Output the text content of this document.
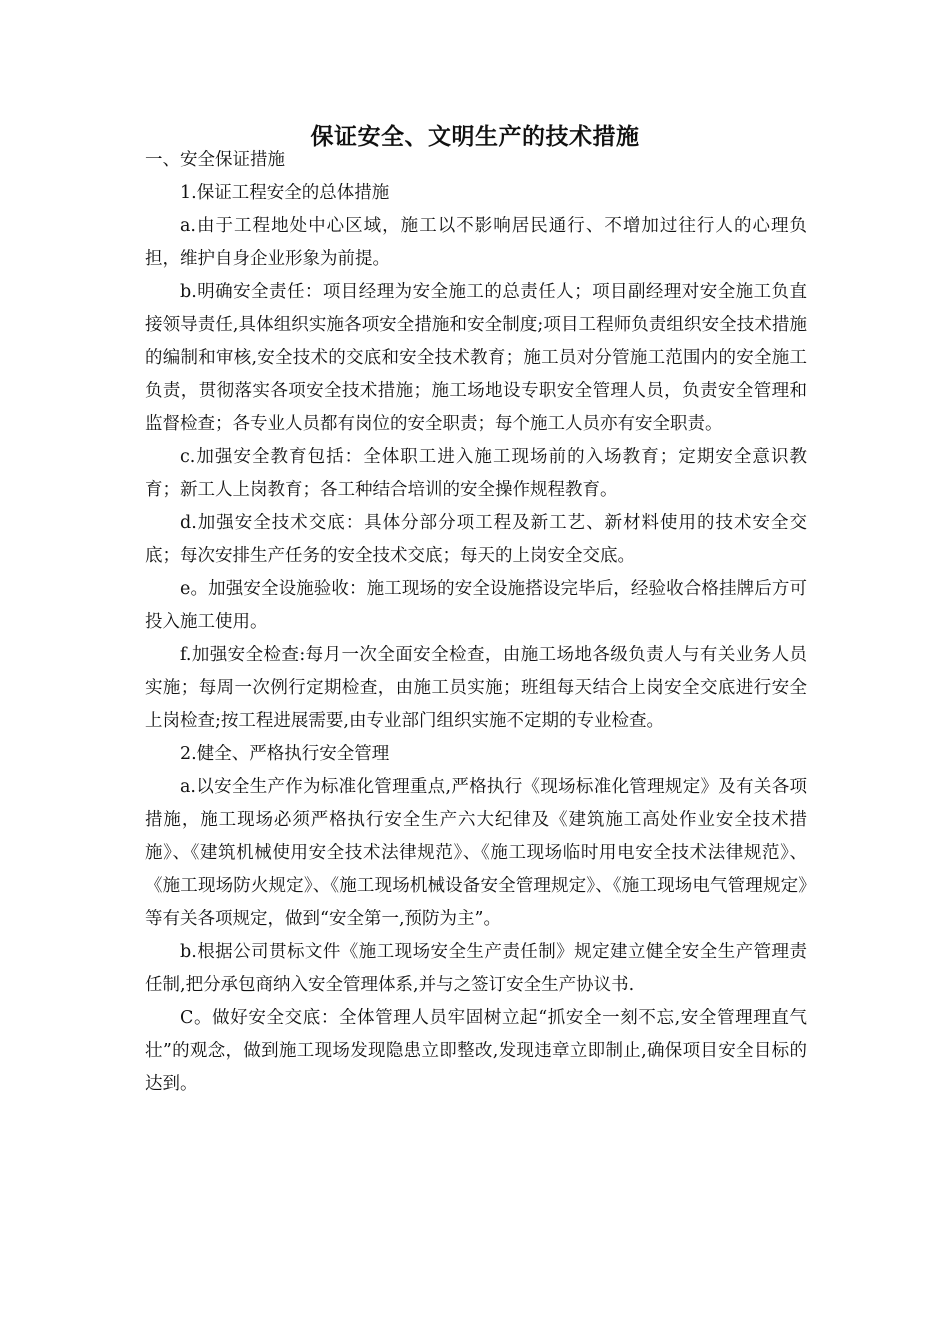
保证安全、文明生产的技术措施

一、安全保证措施

1.保证工程安全的总体措施

a.由于工程地处中心区域，施工以不影响居民通行、不增加过往行人的心理负担，维护自身企业形象为前提。

b.明确安全责任：项目经理为安全施工的总责任人；项目副经理对安全施工负直接领导责任,具体组织实施各项安全措施和安全制度;项目工程师负责组织安全技术措施的编制和审核,安全技术的交底和安全技术教育；施工员对分管施工范围内的安全施工负责，贯彻落实各项安全技术措施；施工场地设专职安全管理人员，负责安全管理和监督检查；各专业人员都有岗位的安全职责；每个施工人员亦有安全职责。

c.加强安全教育包括：全体职工进入施工现场前的入场教育；定期安全意识教育；新工人上岗教育；各工种结合培训的安全操作规程教育。

d.加强安全技术交底：具体分部分项工程及新工艺、新材料使用的技术安全交底；每次安排生产任务的安全技术交底；每天的上岗安全交底。

e。加强安全设施验收：施工现场的安全设施搭设完毕后，经验收合格挂牌后方可投入施工使用。

f.加强安全检查:每月一次全面安全检查，由施工场地各级负责人与有关业务人员实施；每周一次例行定期检查，由施工员实施；班组每天结合上岗安全交底进行安全上岗检查;按工程进展需要,由专业部门组织实施不定期的专业检查。

2.健全、严格执行安全管理

a.以安全生产作为标准化管理重点,严格执行《现场标准化管理规定》及有关各项措施，施工现场必须严格执行安全生产六大纪律及《建筑施工高处作业安全技术措施》、《建筑机械使用安全技术法律规范》、《施工现场临时用电安全技术法律规范》、《施工现场防火规定》、《施工现场机械设备安全管理规定》、《施工现场电气管理规定》等有关各项规定，做到“安全第一,预防为主”。

b.根据公司贯标文件《施工现场安全生产责任制》规定建立健全安全生产管理责任制,把分承包商纳入安全管理体系,并与之签订安全生产协议书.

C。做好安全交底：全体管理人员牢固树立起“抓安全一刻不忘,安全管理理直气壮”的观念，做到施工现场发现隐患立即整改,发现违章立即制止,确保项目安全目标的达到。
